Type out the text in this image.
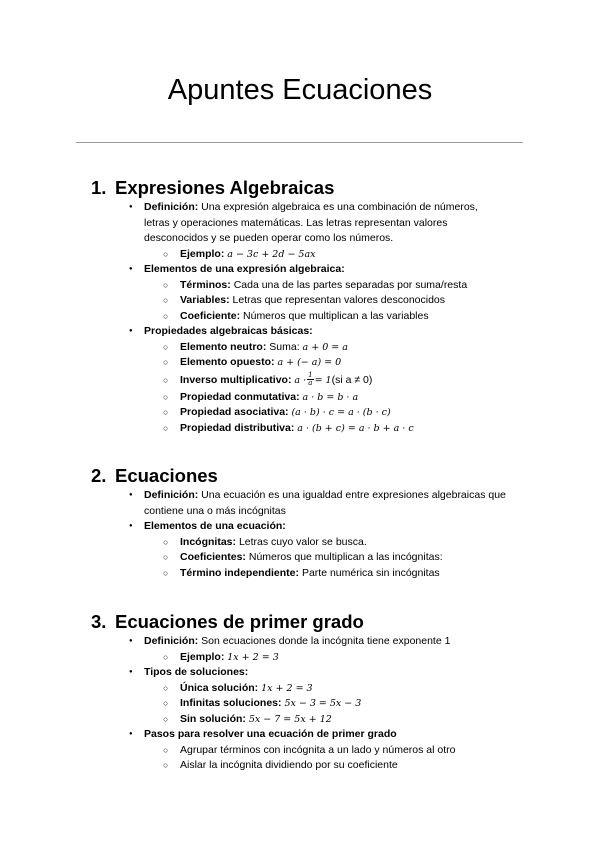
Apuntes Ecuaciones
1. Expresiones Algebraicas
● Definición: Una expresión algebraica es una combinación de números,
letras y operaciones matemáticas. Las letras representan valores
desconocidos y se pueden operar como los números.
○ Ejemplo: a − 3c + 2d − 5ax
● Elementos de una expresión algebraica:
○ Términos: Cada una de las partes separadas por suma/resta
○ Variables: Letras que representan valores desconocidos
○ Coeficiente: Números que multiplican a las variables
● Propiedades algebraicas básicas:
○ Elemento neutro: Suma: a + 0 = a
○ Elemento opuesto: a + (− a) = 0
○ Inverso multiplicativo: $a \cdot \frac{1}{a} = 1(si$ a ≠ 0)
○ Propiedad conmutativa: a · b = b · a
○ Propiedad asociativa: (a · b) · c = a · (b · c)
○ Propiedad distributiva: a · (b + c) = a · b + a · c
2. Ecuaciones
● Definición: Una ecuación es una igualdad entre expresiones algebraicas que
contiene una o más incógnitas
● Elementos de una ecuación:
○ Incógnitas: Letras cuyo valor se busca.
○ Coeficientes: Números que multiplican a las incógnitas:
○ Término independiente: Parte numérica sin incógnitas
3. Ecuaciones de primer grado
● Definición: Son ecuaciones donde la incógnita tiene exponente 1
○ Ejemplo: 1x + 2 = 3
● Tipos de soluciones:
○ Única solución: 1x + 2 = 3
○ Infinitas soluciones: 5x − 3 = 5x − 3
○ Sin solución: 5x − 7 = 5x + 12
● Pasos para resolver una ecuación de primer grado
○ Agrupar términos con incógnita a un lado y números al otro
○ Aislar la incógnita dividiendo por su coeficiente
